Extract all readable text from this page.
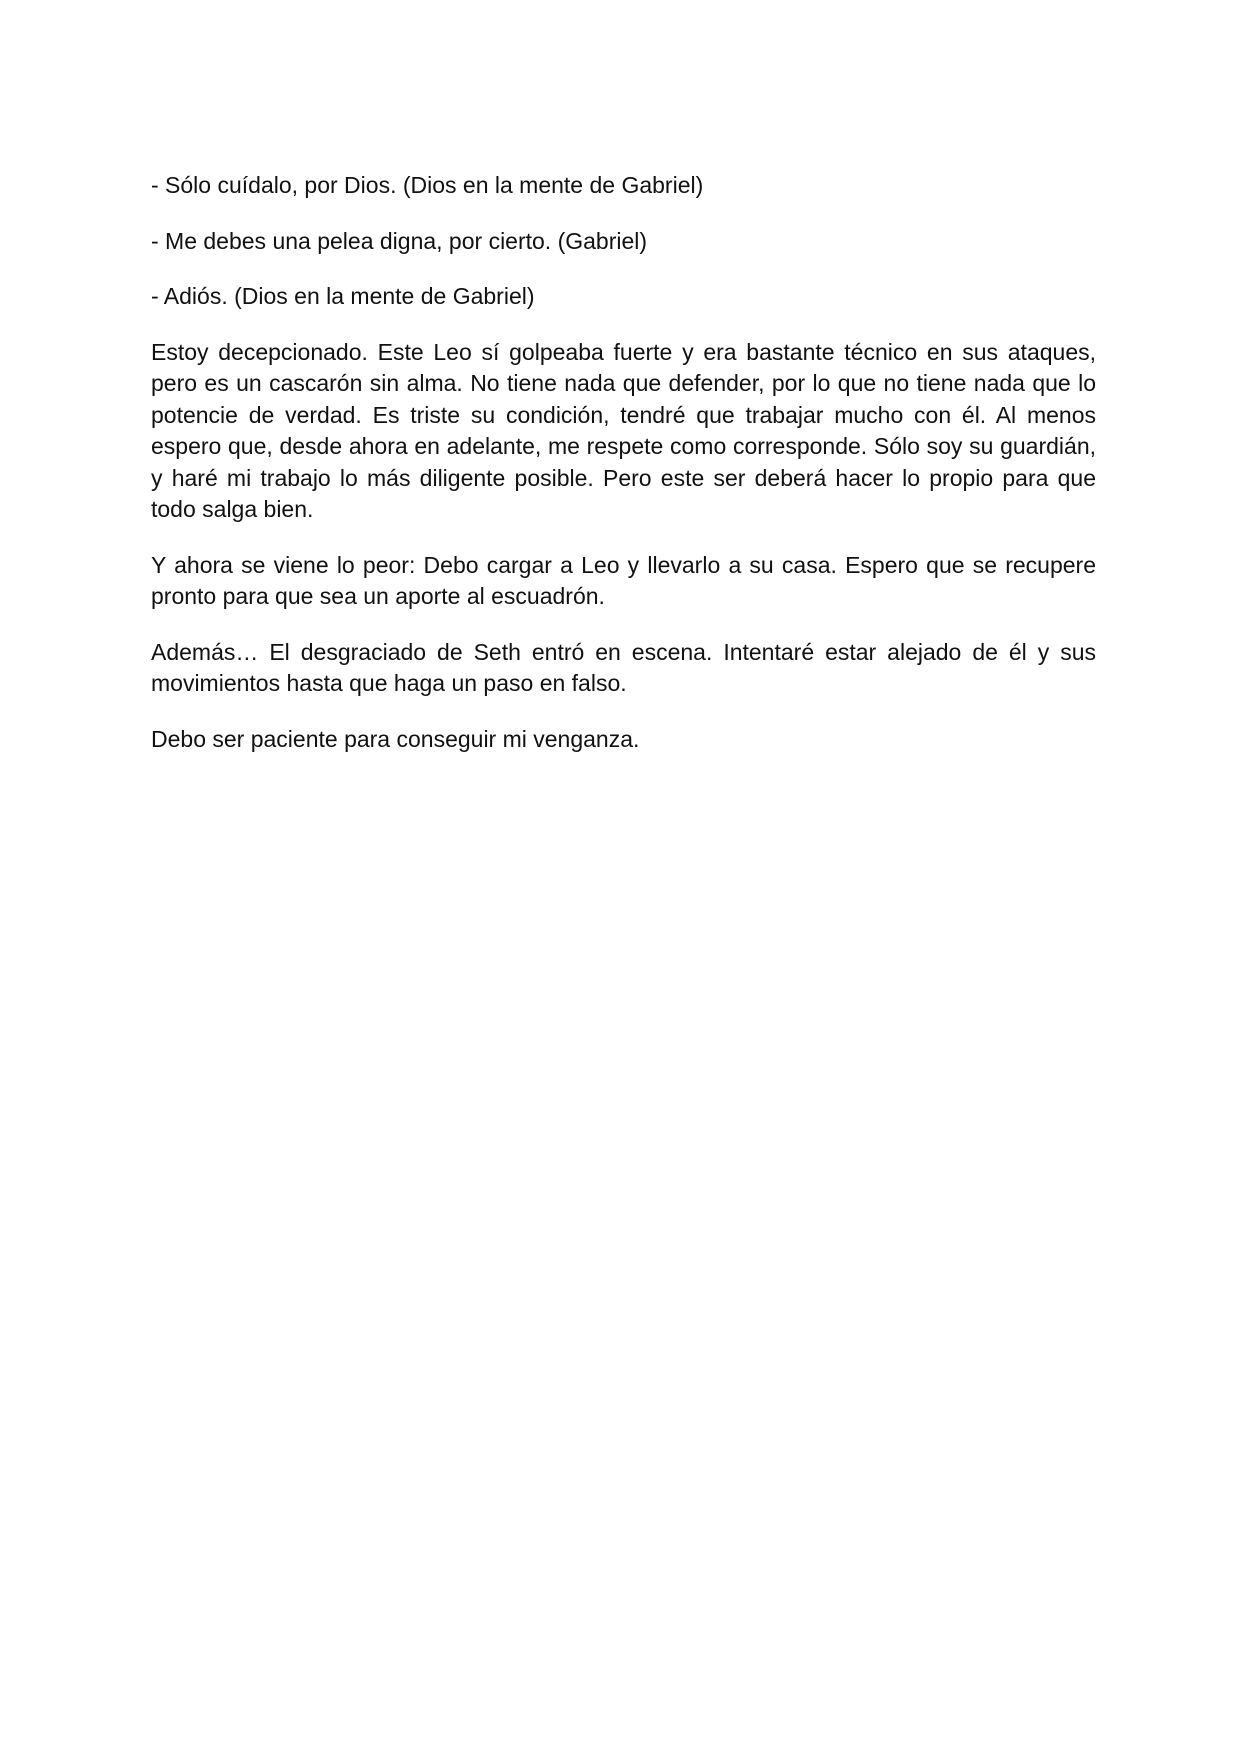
- Sólo cuídalo, por Dios. (Dios en la mente de Gabriel)

- Me debes una pelea digna, por cierto. (Gabriel)

- Adiós. (Dios en la mente de Gabriel)

Estoy decepcionado. Este Leo sí golpeaba fuerte y era bastante técnico en sus ataques, pero es un cascarón sin alma. No tiene nada que defender, por lo que no tiene nada que lo potencie de verdad. Es triste su condición, tendré que trabajar mucho con él. Al menos espero que, desde ahora en adelante, me respete como corresponde. Sólo soy su guardián, y haré mi trabajo lo más diligente posible. Pero este ser deberá hacer lo propio para que todo salga bien.

Y ahora se viene lo peor: Debo cargar a Leo y llevarlo a su casa. Espero que se recupere pronto para que sea un aporte al escuadrón.

Además… El desgraciado de Seth entró en escena. Intentaré estar alejado de él y sus movimientos hasta que haga un paso en falso.

Debo ser paciente para conseguir mi venganza.
